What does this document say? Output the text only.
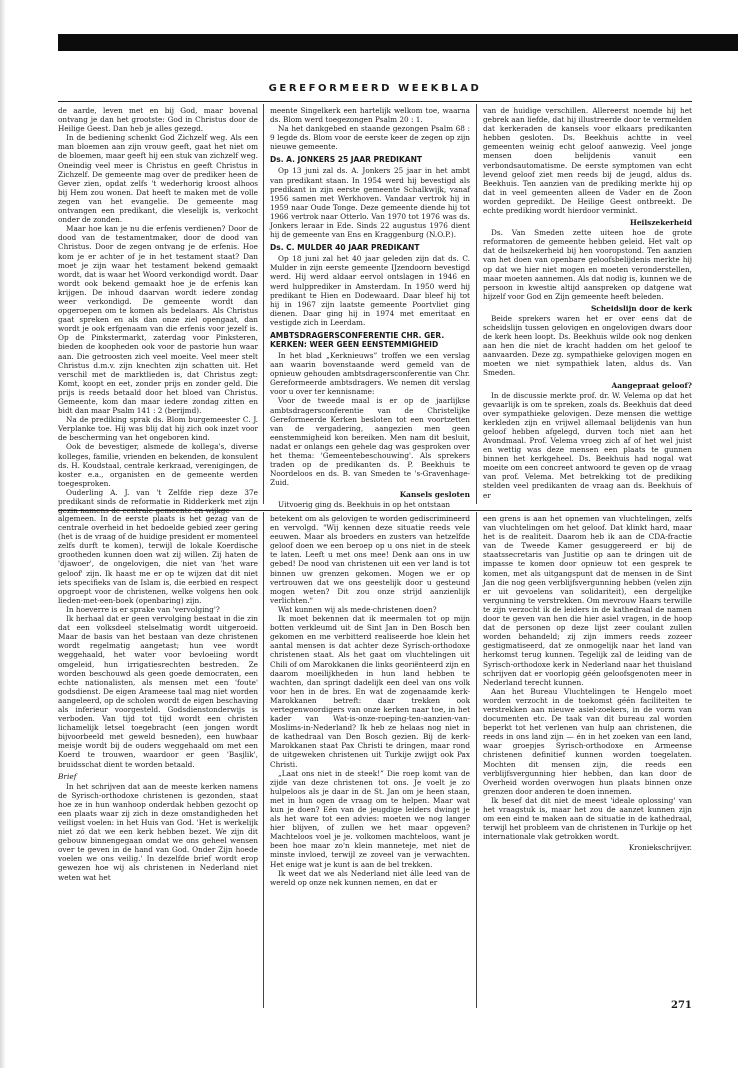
GEREFORMEERD WEEKBLAD

de aarde, leven met en bij God, maar bovenal ontvang je dan het grootste: God in Christus door de Heilige Geest. Dan heb je alles gezegd.

In de bediening schenkt God Zichzelf weg. Als een man bloemen aan zijn vrouw geeft, gaat het niet om de bloemen, maar geeft hij een stuk van zichzelf weg. Oneindig veel meer is Christus en geeft Christus in Zichzelf. De gemeente mag over de prediker heen de Gever zien, opdat zelfs 't wederhorig kroost alhoos bij Hem zou wonen. Dat heeft te maken met de volle zegen van het evangelie. De gemeente mag ontvangen een predikant, die vleselijk is, verkocht onder de zonden.

Maar hoe kan je nu die erfenis verdienen? Door de dood van de testamentmaker, door de dood van Christus. Door de zegen ontvang je de erfenis. Hoe kom je er achter of je in het testament staat? Dan moet je zijn waar het testament bekend gemaakt wordt, dat is waar het Woord verkondigd wordt. Daar wordt ook bekend gemaakt hoe je de erfenis kan krijgen. De inhoud daarvan wordt iedere zondag weer verkondigd. De gemeente wordt dan opgeroepen om te komen als bedelaars. Als Christus gaat spreken en als dan onze ziel opengaat, dan wordt je ook erfgenaam van die erfenis voor jezelf is. Op de Pinkstermarkt, zaterdag voor Pinksteren, bieden de koopheden ook voor de pastorie hun waar aan. Die getroosten zich veel moeite. Veel meer stelt Christus d.m.v. zijn knechten zijn schatten uit. Het verschil met de marktlieden is, dat Christus zegt: Komt, koopt en eet, zonder prijs en zonder geld. Die prijs is reeds betaald door het bloed van Christus. Gemeente, kom dan maar iedere zondag zitten en bidt dan maar Psalm 141 : 2 (berijmd).

Na de prediking sprak ds. Blom burgemeester C. J. Verplanke toe. Hij was blij dat hij zich ook inzet voor de bescherming van het ongeboren kind.

Ook de bevestiger, alsmede de kollega's, diverse kolleges, familie, vrienden en bekenden, de konsulent ds. H. Koudstaal, centrale kerkraad, verenigingen, de koster e.a., organisten en de gemeente werden toegesproken.

Ouderling A. J. van 't Zelfde riep deze 37e predikant sinds de reformatie in Ridderkerk met zijn

meente Singelkerk een hartelijk welkom toe, waarna ds. Blom werd toegezongen Psalm 20 : 1.

Na het dankgebed en staande gezongen Psalm 68 : 9 legde ds. Blom voor de eerste keer de zegen op zijn nieuwe gemeente.

Ds. A. JONKERS 25 JAAR PREDIKANT

Op 13 juni zal ds. A. Jonkers 25 jaar in het ambt van predikant staan. In 1954 werd hij bevestigd als predikant in zijn eerste gemeente Schalkwijk, vanaf 1956 samen met Werkhoven. Vandaar vertrok hij in 1959 naar Oude Tonge. Deze gemeente diende hij tot 1966 vertrok naar Otterlo. Van 1970 tot 1976 was ds. Jonkers leraar in Ede. Sinds 22 augustus 1976 dient hij de gemeente van Ens en Kraggenburg (N.O.P.).

Ds. C. MULDER 40 JAAR PREDIKANT

Op 18 juni zal het 40 jaar geleden zijn dat ds. C. Mulder in zijn eerste gemeente IJzendoorn bevestigd werd. Hij werd aldaar eervol ontslagen in 1946 en werd hulpprediker in Amsterdam. In 1950 werd hij predikant te Hien en Dodewaard. Daar bleef hij tot hij in 1967 zijn laatste gemeente Poortvliet ging dienen. Daar ging hij in 1974 met emeritaat en vestigde zich in Leerdam.

AMBTSDRAGERSCONFERENTIE CHR. GER. KERKEN: WEER GEEN EENSTEMMIGHEID

In het blad „Kerknieuws” troffen we een verslag aan waarin bovenstaande werd gemeld van de opnieuw gehouden ambtsdragersconferentie van Chr. Gereformeerde ambtsdragers. We nemen dit verslag voor u over ter kennisname:

Voor de tweede maal is er op de jaarlijkse ambtsdragersconferentie van de Christelijke Gereformeerde Kerken besloten tot een voortzetten van de vergadering, aangezien men geen eenstemmigheid kon bereiken. Men nam dit besluit, nadat er onlangs een gehele dag was gesproken over het thema: 'Gemeentebeschouwing'. Als sprekers traden op de predikanten ds. P. Beekhuis te Noordeloos en ds. B. van Smeden te 's-Gravenhage-Zuid.

Kansels gesloten

Uitvoerig ging ds. Beekhuis in op het ontstaan

van de huidige verschillen. Allereerst noemde hij het gebrek aan liefde, dat hij illustreerde door te vermelden dat kerkeraden de kansels voor elkaars predikanten hebben gesloten. Ds. Beekhuis achtte in veel gemeenten weinig echt geloof aanwezig. Veel jonge mensen doen belijdenis vanuit een verbondsautomatisme. De eerste symptomen van echt levend geloof ziet men reeds bij de jeugd, aldus ds. Beekhuis. Ten aanzien van de prediking merkte hij op dat in veel gemeenten alleen de Vader en de Zoon worden gepredikt. De Heilige Geest ontbreekt. De echte prediking wordt hierdoor verminkt.

Heilszekerheid

Ds. Van Smeden zette uiteen hoe de grote reformatoren de gemeente hebben geleid. Het valt op dat de heilszekerheid bij hen vooropstond. Ten aanzien van het doen van openbare geloofsbelijdenis merkte hij op dat we hier niet mogen en moeten veronderstellen, maar moeten aannemen. Als dat nodig is, kunnen we de persoon in kwestie altijd aanspreken op datgene wat hijzelf voor God en Zijn gemeente heeft beleden.

Scheidslijn door de kerk

Beide sprekers waren het er over eens dat de scheidslijn tussen gelovigen en ongelovigen dwars door de kerk heen loopt. Ds. Beekhuis wilde ook nog denken aan hen die niet de kracht hadden om het geloof te aanvaarden. Deze zg. sympathieke gelovigen mogen en moeten we niet sympathiek laten, aldus ds. Van Smeden.

Aangepraat geloof?

In de discussie merkte prof. dr. W. Velema op dat het gevaarlijk is om te spreken, zoals ds. Beekhuis dat deed over sympathieke gelovigen. Deze mensen die wettige kerkleden zijn en vrijwel allemaal belijdenis van hun geloof hebben afgelegd, durven toch niet aan het Avondmaal. Prof. Velema vroeg zich af of het wel juist en wettig was deze mensen een plaats te gunnen binnen het kerkgeheel. Ds. Beekhuis had nogal wat moeite om een concreet antwoord te geven op de vraag van prof. Velema. Met betrekking tot de prediking stelden veel predikanten de vraag aan ds. Beekhuis of er

algemeen. In de eerste plaats is het gezag van de centrale overheid in het bedoelde gebied zeer gering (het is de vraag of de huidige president er momenteel zelfs durft te komen), terwijl de lokale Koerdische grootheden kunnen doen wat zij willen. Zij haten de 'djawoer', de ongelovigen, die niet van 'het ware geloof' zijn. Ik haast me er op te wijzen dat dit niet iets specifieks van de Islam is, die eerbied en respect opgroept voor de christenen, welke volgens hen ook lieden-met-een-boek (openbaring) zijn.

In hoeverre is er sprake van 'vervolging'?

Ik herhaal dat er geen vervolging bestaat in die zin dat een volksdeel stelselmatig wordt uitgeroeid. Maar de basis van het bestaan van deze christenen wordt regelmatig aangetast; hun vee wordt weggehaald, het water voor bevloeiing wordt omgeleid, hun irrigatiesrechten bestreden. Ze worden beschouwd als geen goede democraten, een echte nationalisten, als mensen met een 'foute' godsdienst. De eigen Arameese taal mag niet worden aangeleerd, op de scholen wordt de eigen beschaving als inferieur voorgesteld. Godsdienstonderwijs is verboden. Van tijd tot tijd wordt een christen lichamelijk letsel toegebracht (een jongen wordt bijvoorbeeld met geweld besneden), een huwbaar meisje wordt bij de ouders weggehaald om met een Koerd te trouwen, waardoor er geen 'Basjlik', bruidsschat dient te worden betaald.

Brief

In het schrijven dat aan de meeste kerken namens de Syrisch-orthodoxe christenen is gezonden, staat hoe ze in hun wanhoop onderdak hebben gezocht op een plaats waar zij zich in deze omstandigheden het veiligst voelen: in het Huis van God. 'Het is werkelijk niet zó dat we een kerk hebben bezet. We zijn dit gebouw binnengegaan omdat we ons geheel wensen over te geven in de hand van God. Onder Zijn hoede voelen we ons veilig.' In dezelfde brief wordt erop gewezen hoe wij als christenen in Nederland niet weten wat het

betekent om als gelovigen te worden gediscrimineerd en vervolgd. "Wij kennen deze situatie reeds vele eeuwen. Maar als broeders en zusters van hetzelfde geloof doen we een beroep op u ons niet in de steek te laten. Leeft u met ons mee! Denk aan ons in uw gebed! De nood van christenen uit een ver land is tot binnen uw grenzen gekomen. Mogen we er op vertrouwen dat we ons geestelijk door u gesteund mogen weten? Dit zou onze strijd aanzienlijk verlichten."

Wat kunnen wij als mede-christenen doen?

Ik moet bekennen dat ik meermalen tot op mijn botten verkleumd uit de Sint Jan in Den Bosch ben gekomen en me verbitterd realiseerde hoe klein het aantal mensen is dat achter deze Syrisch-orthodoxe christenen staat. Als het gaat om vluchtelingen uit Chili of om Marokkanen die links georiënteerd zijn en daarom moeilijkheden in hun land hebben te wachten, dan springt dadelijk een deel van ons volk voor hen in de bres. En wat de zogenaamde kerk-Marokkanen betreft: daar trekken ook vertegenwoordigers van onze kerken naar toe, in het kader van Wat-is-onze-roeping-ten-aanzien-van-Moslims-in-Nederland? Ik heb ze helaas nog niet in de kathedraal van Den Bosch gezien. Bij de kerk-Marokkanen staat Pax Christi te dringen, maar rond de uitgeweken christenen uit Turkije zwijgt ook Pax Christi.

„Laat ons niet in de steek!” Die roep komt van de zijde van deze christenen tot ons. Je voelt je zo hulpeloos als je daar in de St. Jan om je heen staan, met in hun ogen de vraag om te helpen. Maar wat kun je doen? Eén van de jeugdige leiders dwingt je als het ware tot een advies: moeten we nog langer hier blijven, of zullen we het maar opgeven? Machteloos voel je je. volkomen machteloos, want je been hoe maar zo'n klein manneteje, met niet de minste invloed, terwijl ze zoveel van je verwachten. Het enige wat je kunt is aan de bel trekken.

Ik weet dat we als Nederland niet álle leed van de wereld op onze nek kunnen nemen, en dat er

een grens is aan het opnemen van vluchtelingen, zelfs van vluchtelingen om het geloof. Dat klinkt hard, maar het is de realiteit. Daarom heb ik aan de CDA-fractie van de Tweede Kamer gesuggereerd er bij de staatssecretaris van Justitie op aan te dringen uit de impasse te komen door opnieuw tot een gesprek te komen, met als uitgangspunt dat de mensen in de Sint Jan die nog geen verblijfsvergunning hebben (velen zijn er uit gevoelens van solidariteit), een dergelijke vergunning te verstrekken. Om mevrouw Haars terwille te zijn verzocht ik de leiders in de kathedraal de namen door te geven van hen die hier asiel vragen, in de hoop dat de personen op deze lijst zeer coulant zullen worden behandeld; zij zijn immers reeds zozeer gestigmatiseerd, dat ze onmogelijk naar het land van herkomst terug kunnen. Tegelijk zal de leiding van de Syrisch-orthodoxe kerk in Nederland naar het thuisland schrijven dat er voorlopig géén geloofsgenoten meer in Nederland terecht kunnen.

Aan het Bureau Vluchtelingen te Hengelo moet worden verzocht in de toekomst géén faciliteiten te verstrekken aan nieuwe asiel-zoekers, in de vorm van documenten etc. De taak van dit bureau zal worden beperkt tot het verlenen van hulp aan christenen, die reeds in ons land zijn — én in het zoeken van een land, waar groepjes Syrisch-orthodoxe en Armeense christenen definitief kunnen worden toegelaten. Mochten dit mensen zijn, die reeds een verblijfsvergunning hier hebben, dan kan door de Overheid worden overwogen hun plaats binnen onze grenzen door anderen te doen innemen.

Ik besef dat dit niet de meest 'ideale oplossing' van het vraagstuk is, maar het zou de aanzet kunnen zijn om een eind te maken aan de situatie in de kathedraal, terwijl het probleem van de christenen in Turkije op het internationale vlak getrokken wordt.

Kroniekschrijver.

271
